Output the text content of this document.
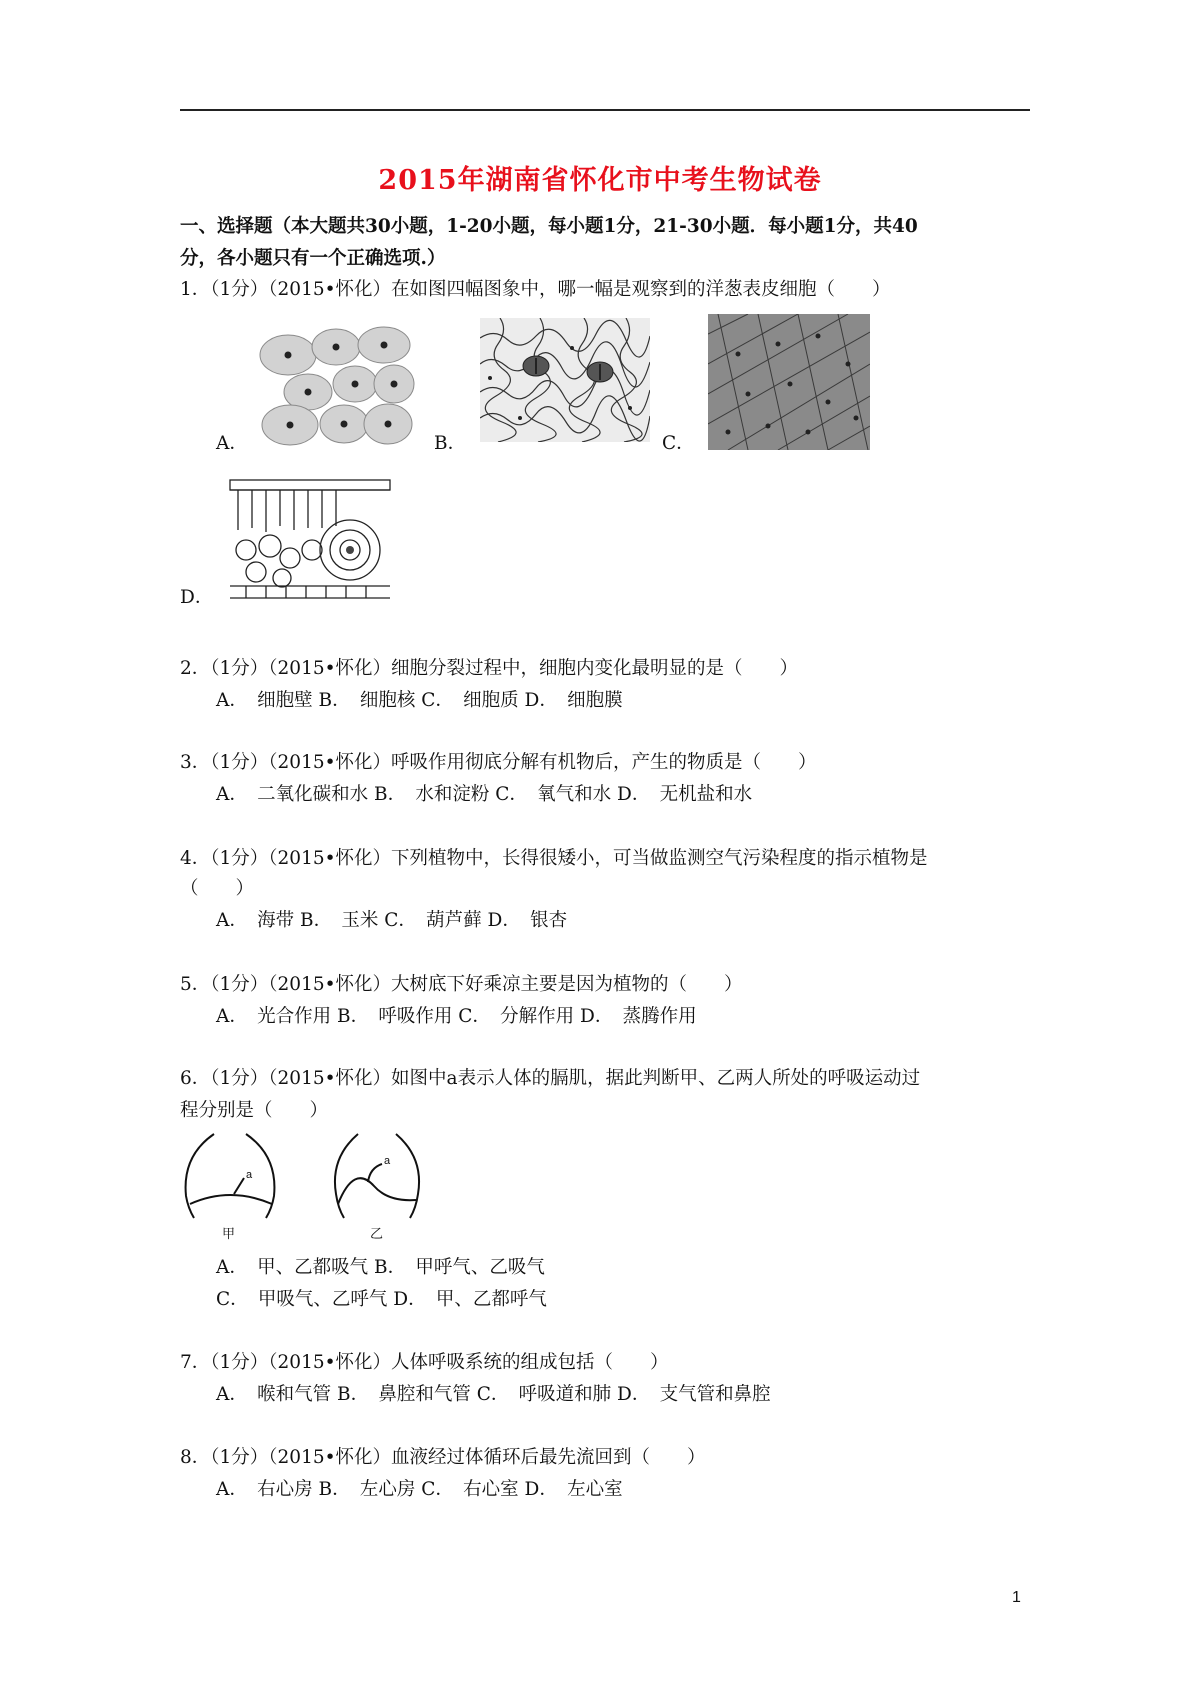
2015年湖南省怀化市中考生物试卷
一、选择题（本大题共30小题，1-20小题，每小题1分，21-30小题．每小题1分，共40
分，各小题只有一个正确选项.）
1．（1分）（2015•怀化）在如图四幅图象中，哪一幅是观察到的洋葱表皮细胞（　　）
A．	B．	C．
D．
2．（1分）（2015•怀化）细胞分裂过程中，细胞内变化最明显的是（　　）
A．　细胞壁 B．　细胞核 C．　细胞质 D．　细胞膜
3．（1分）（2015•怀化）呼吸作用彻底分解有机物后，产生的物质是（　　）
A．　二氧化碳和水 B．　水和淀粉 C．　氧气和水 D．　无机盐和水
4．（1分）（2015•怀化）下列植物中，长得很矮小，可当做监测空气污染程度的指示植物是
（　　）
A．　海带 B．　玉米 C．　葫芦藓 D．　银杏
5．（1分）（2015•怀化）大树底下好乘凉主要是因为植物的（　　）
A．　光合作用 B．　呼吸作用 C．　分解作用 D．　蒸腾作用
6．（1分）（2015•怀化）如图中a表示人体的膈肌，据此判断甲、乙两人所处的呼吸运动过
程分别是（　　）
a
甲
a
乙
A．　甲、乙都吸气 B．　甲呼气、乙吸气
C．　甲吸气、乙呼气 D．　甲、乙都呼气
7．（1分）（2015•怀化）人体呼吸系统的组成包括（　　）
A．　喉和气管 B．　鼻腔和气管 C．　呼吸道和肺 D．　支气管和鼻腔
8．（1分）（2015•怀化）血液经过体循环后最先流回到（　　）
A．　右心房 B．　左心房 C．　右心室 D．　左心室
1
